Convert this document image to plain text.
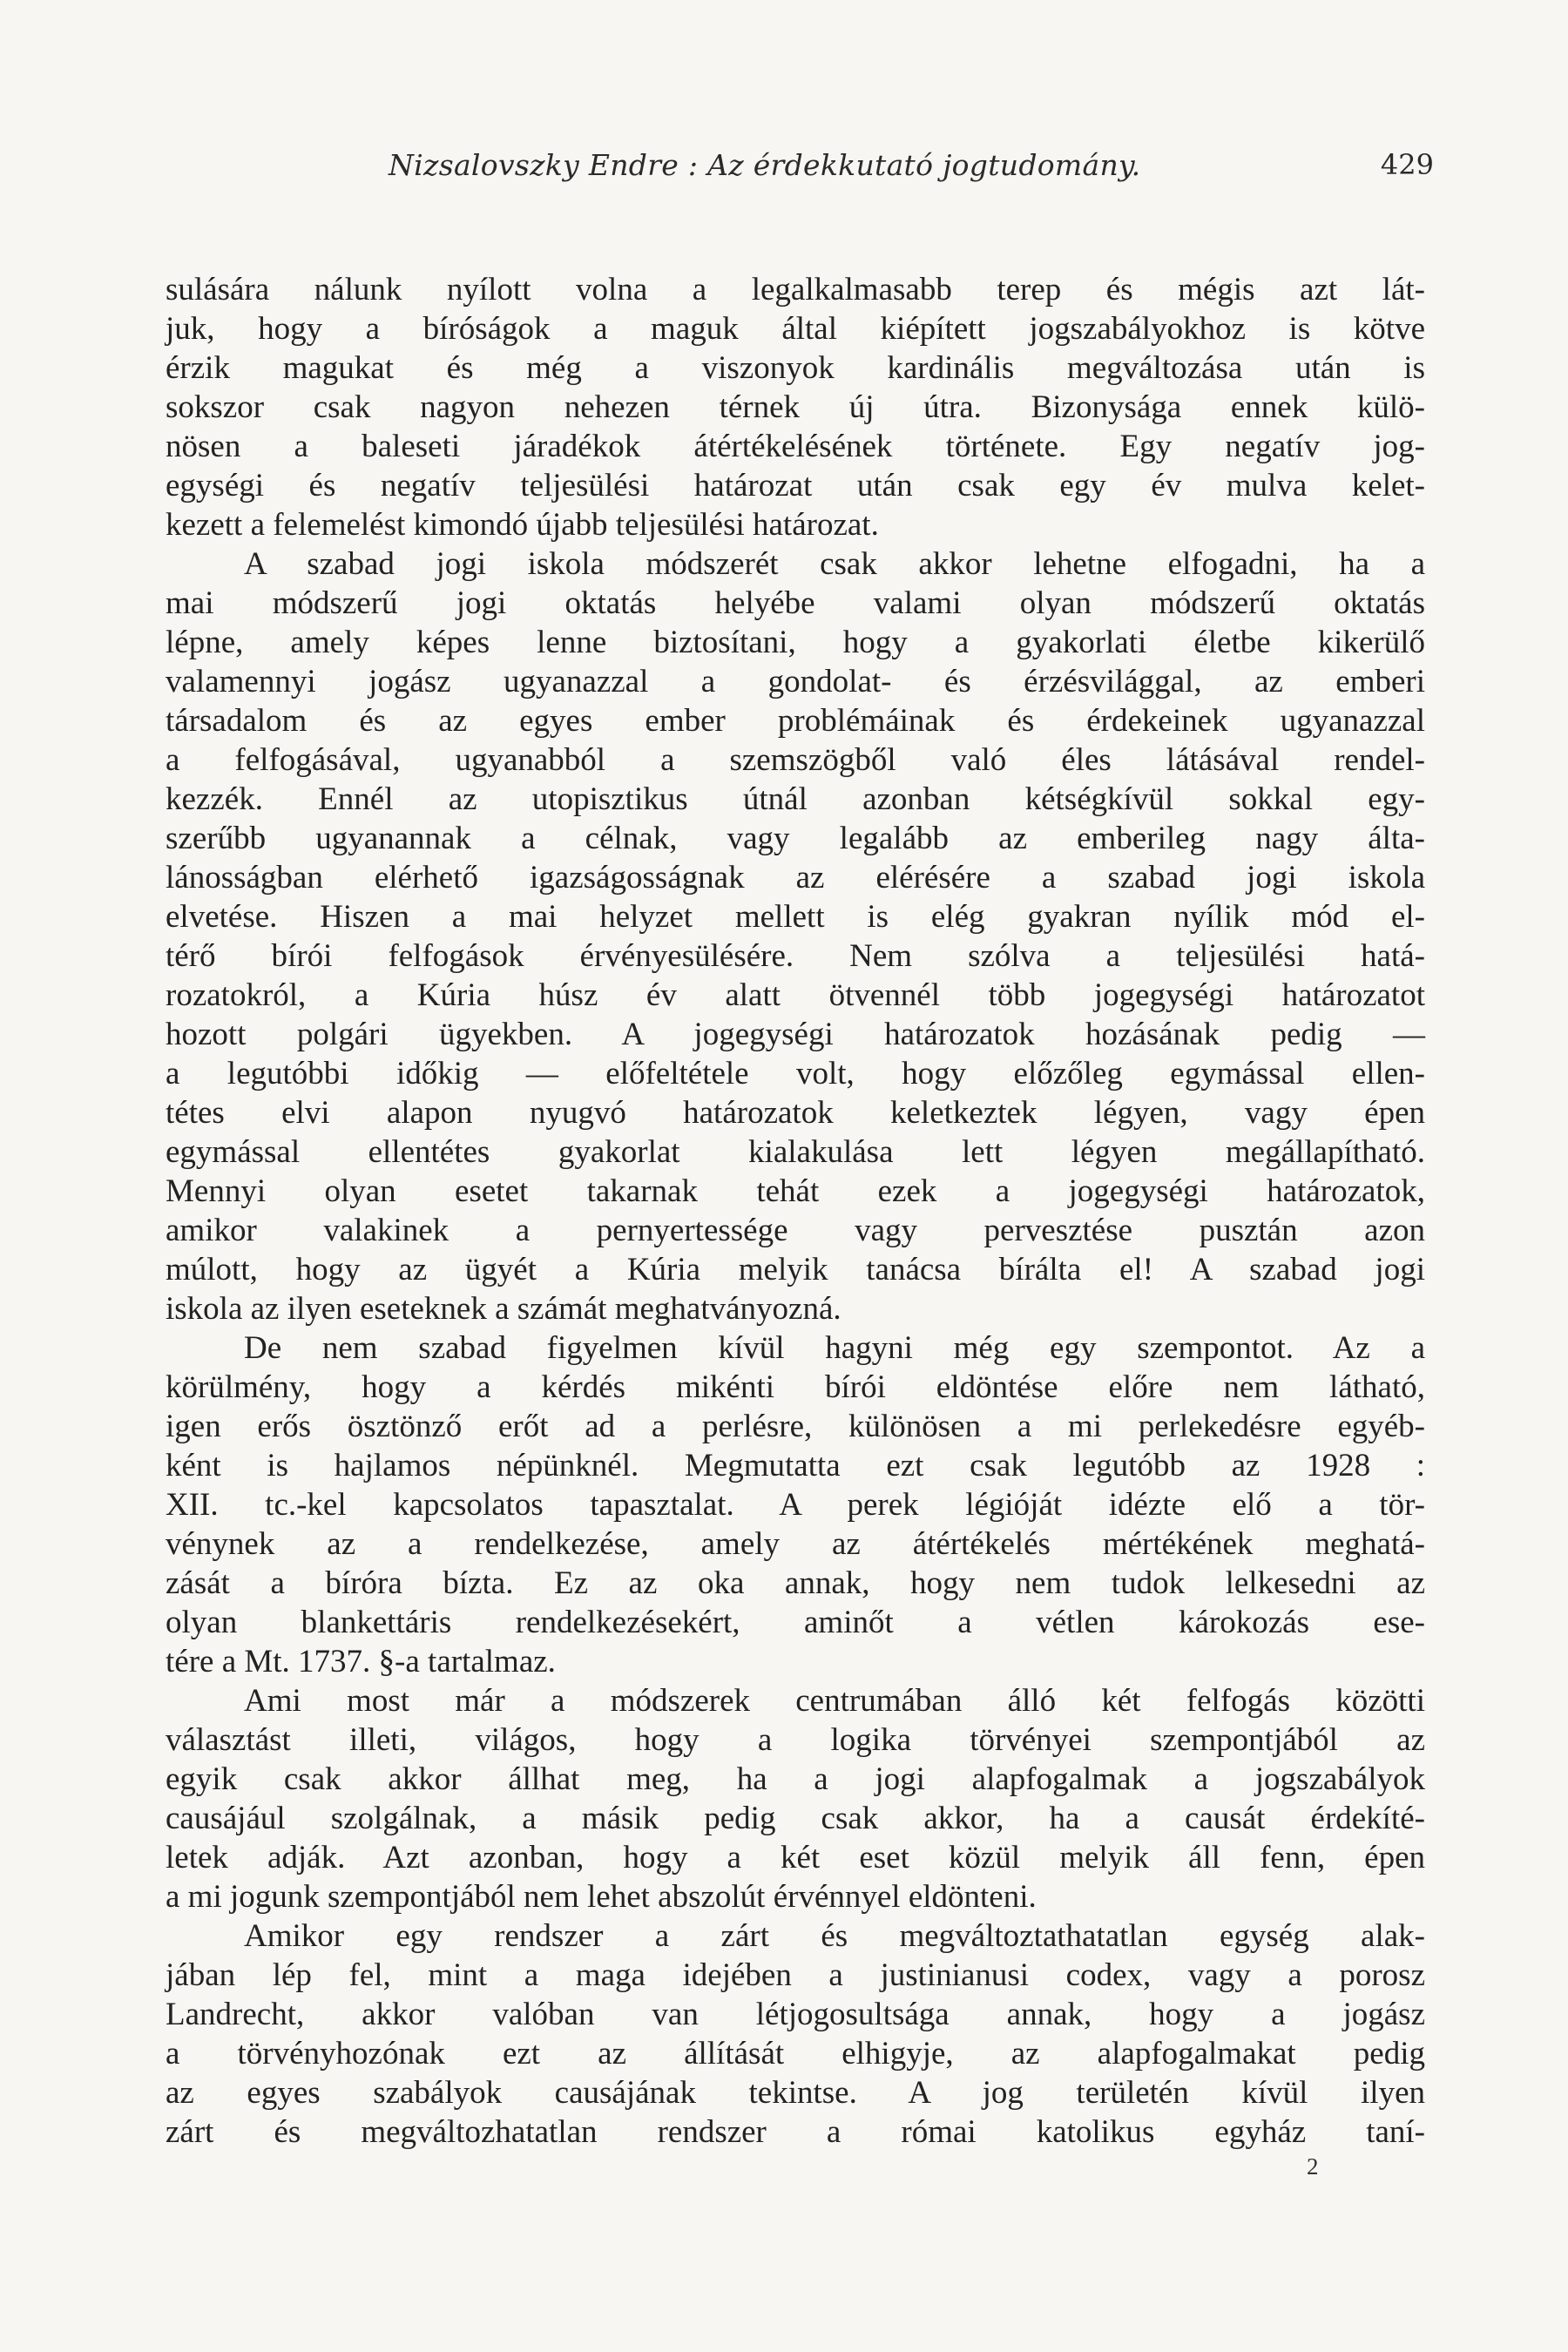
Nizsalovszky Endre : Az érdekkutató jogtudomány.	429
sulására nálunk nyílott volna a legalkalmasabb terep és mégis azt lát-
juk, hogy a bíróságok a maguk által kiépített jogszabályokhoz is kötve
érzik magukat és még a viszonyok kardinális megváltozása után is
sokszor csak nagyon nehezen térnek új útra. Bizonysága ennek külö-
nösen a baleseti járadékok átértékelésének története. Egy negatív jog-
egységi és negatív teljesülési határozat után csak egy év mulva kelet-
kezett a felemelést kimondó újabb teljesülési határozat.
A szabad jogi iskola módszerét csak akkor lehetne elfogadni, ha a
mai módszerű jogi oktatás helyébe valami olyan módszerű oktatás
lépne, amely képes lenne biztosítani, hogy a gyakorlati életbe kikerülő
valamennyi jogász ugyanazzal a gondolat- és érzésvilággal, az emberi
társadalom és az egyes ember problémáinak és érdekeinek ugyanazzal
a felfogásával, ugyanabból a szemszögből való éles látásával rendel-
kezzék. Ennél az utopisztikus útnál azonban kétségkívül sokkal egy-
szerűbb ugyanannak a célnak, vagy legalább az emberileg nagy álta-
lánosságban elérhető igazságosságnak az elérésére a szabad jogi iskola
elvetése. Hiszen a mai helyzet mellett is elég gyakran nyílik mód el-
térő bírói felfogások érvényesülésére. Nem szólva a teljesülési hatá-
rozatokról, a Kúria húsz év alatt ötvennél több jogegységi határozatot
hozott polgári ügyekben. A jogegységi határozatok hozásának pedig —
a legutóbbi időkig — előfeltétele volt, hogy előzőleg egymással ellen-
tétes elvi alapon nyugvó határozatok keletkeztek légyen, vagy épen
egymással ellentétes gyakorlat kialakulása lett légyen megállapítható.
Mennyi olyan esetet takarnak tehát ezek a jogegységi határozatok,
amikor valakinek a pernyertessége vagy pervesztése pusztán azon
múlott, hogy az ügyét a Kúria melyik tanácsa bírálta el! A szabad jogi
iskola az ilyen eseteknek a számát meghatványozná.
De nem szabad figyelmen kívül hagyni még egy szempontot. Az a
körülmény, hogy a kérdés mikénti bírói eldöntése előre nem látható,
igen erős ösztönző erőt ad a perlésre, különösen a mi perlekedésre egyéb-
ként is hajlamos népünknél. Megmutatta ezt csak legutóbb az 1928 :
XII. tc.-kel kapcsolatos tapasztalat. A perek légióját idézte elő a tör-
vénynek az a rendelkezése, amely az átértékelés mértékének meghatá-
zását a bíróra bízta. Ez az oka annak, hogy nem tudok lelkesedni az
olyan blankettáris rendelkezésekért, aminőt a vétlen károkozás ese-
tére a Mt. 1737. §-a tartalmaz.
Ami most már a módszerek centrumában álló két felfogás közötti
választást illeti, világos, hogy a logika törvényei szempontjából az
egyik csak akkor állhat meg, ha a jogi alapfogalmak a jogszabályok
causájául szolgálnak, a másik pedig csak akkor, ha a causát érdekíté-
letek adják. Azt azonban, hogy a két eset közül melyik áll fenn, épen
a mi jogunk szempontjából nem lehet abszolút érvénnyel eldönteni.
Amikor egy rendszer a zárt és megváltoztathatatlan egység alak-
jában lép fel, mint a maga idejében a justinianusi codex, vagy a porosz
Landrecht, akkor valóban van létjogosultsága annak, hogy a jogász
a törvényhozónak ezt az állítását elhigyje, az alapfogalmakat pedig
az egyes szabályok causájának tekintse. A jog területén kívül ilyen
zárt és megváltozhatatlan rendszer a római katolikus egyház taní-
2
